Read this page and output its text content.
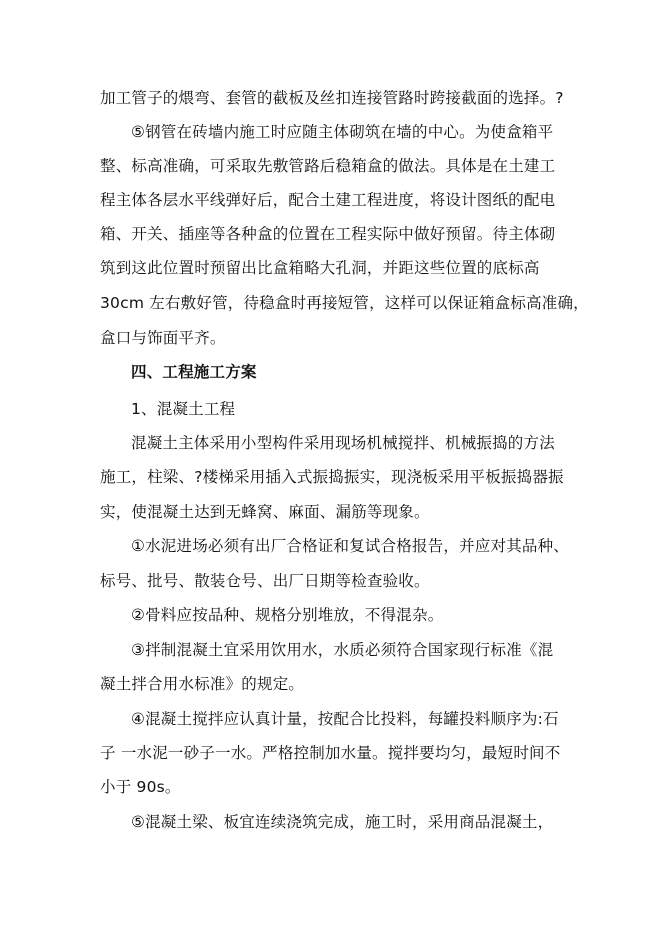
加工管子的煨弯、套管的截板及丝扣连接管路时跨接截面的选择。?
⑤钢管在砖墙内施工时应随主体砌筑在墙的中心。为使盒箱平
整、标高准确，可采取先敷管路后稳箱盒的做法。具体是在土建工
程主体各层水平线弹好后，配合土建工程进度，将设计图纸的配电
箱、开关、插座等各种盒的位置在工程实际中做好预留。待主体砌
筑到这此位置时预留出比盒箱略大孔洞，并距这些位置的底标高
30cm 左右敷好管，待稳盒时再接短管，这样可以保证箱盒标高准确，
盒口与饰面平齐。
四、工程施工方案
1、混凝土工程
混凝土主体采用小型构件采用现场机械搅拌、机械振捣的方法
施工，柱梁、?楼梯采用插入式振捣振实，现浇板采用平板振捣器振
实，使混凝土达到无蜂窝、麻面、漏筋等现象。
①水泥进场必须有出厂合格证和复试合格报告，并应对其品种、
标号、批号、散装仓号、出厂日期等检查验收。
②骨料应按品种、规格分别堆放，不得混杂。
③拌制混凝土宜采用饮用水，水质必须符合国家现行标准《混
凝土拌合用水标准》的规定。
④混凝土搅拌应认真计量，按配合比投料，每罐投料顺序为:石
子 一水泥一砂子一水。严格控制加水量。搅拌要均匀，最短时间不
小于 90s。
⑤混凝土梁、板宜连续浇筑完成，施工时，采用商品混凝土，
